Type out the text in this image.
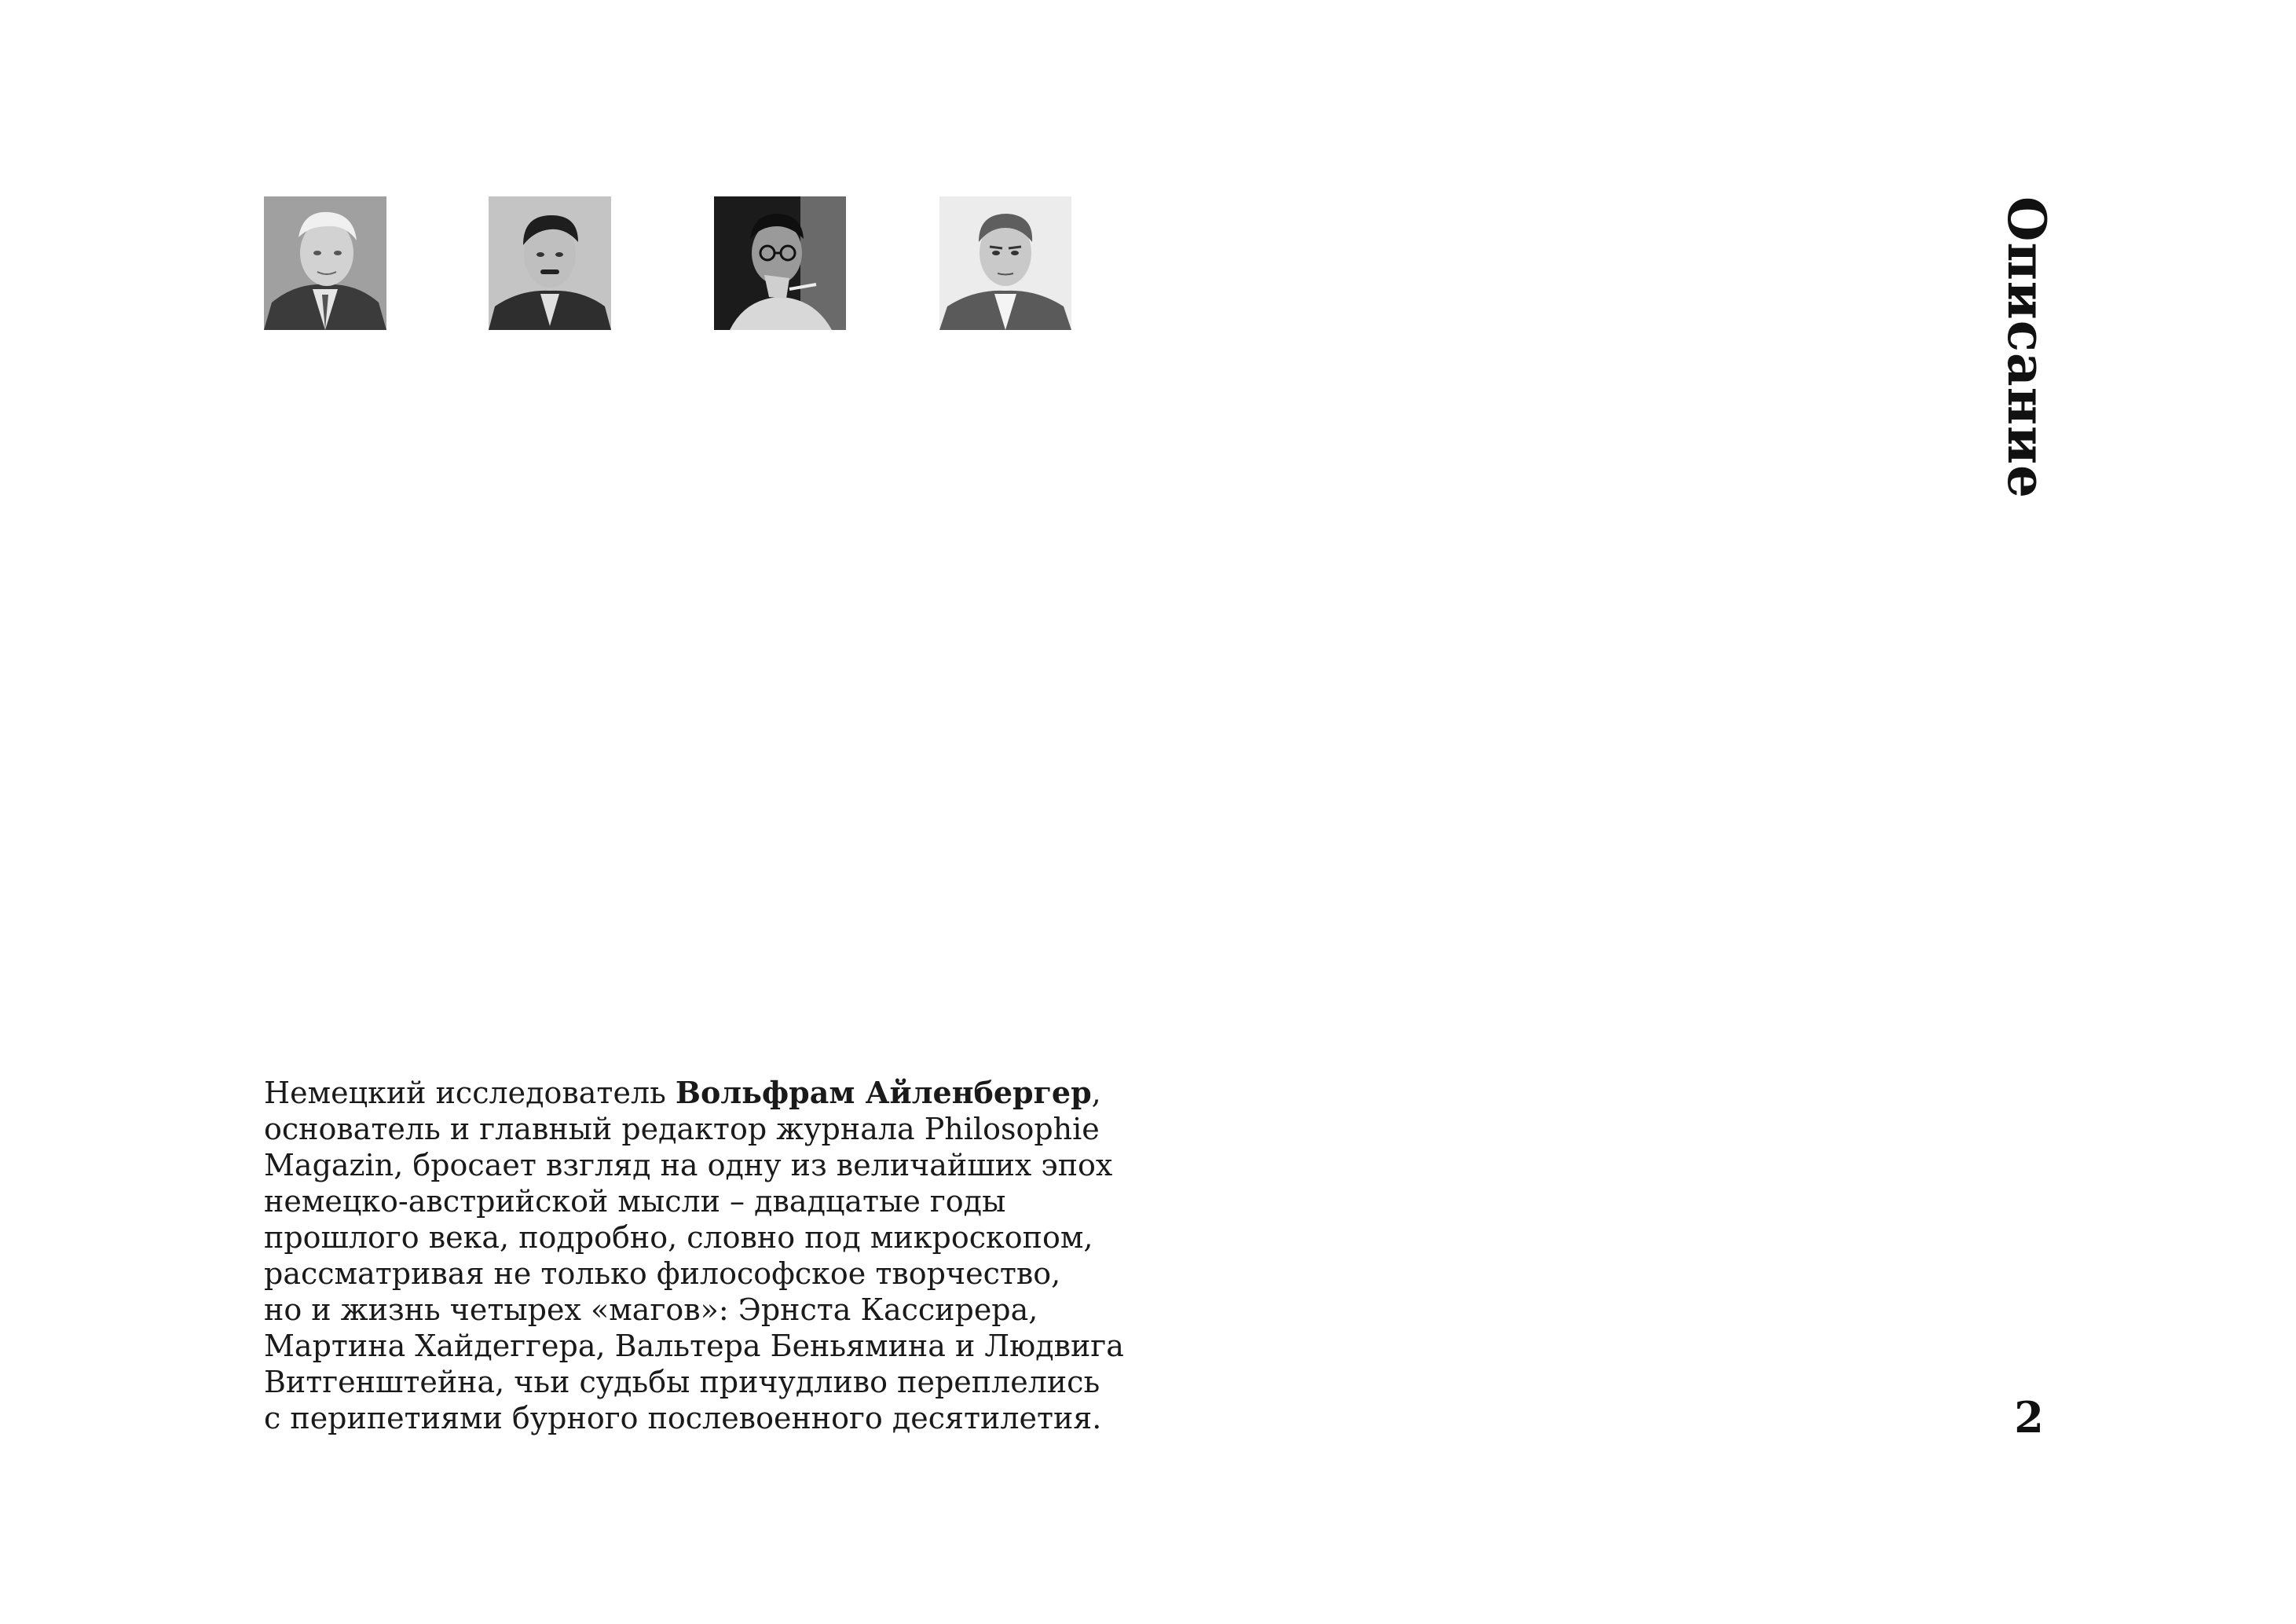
Описание

Немецкий исследователь Вольфрам Айленбергер,
основатель и главный редактор журнала Philosophie
Magazin, бросает взгляд на одну из величайших эпох
немецко-австрийской мысли – двадцатые годы
прошлого века, подробно, словно под микроскопом,
рассматривая не только философское творчество,
но и жизнь четырех «магов»: Эрнста Кассирера,
Мартина Хайдеггера, Вальтера Беньямина и Людвига
Витгенштейна, чьи судьбы причудливо переплелись
с перипетиями бурного послевоенного десятилетия.	2
